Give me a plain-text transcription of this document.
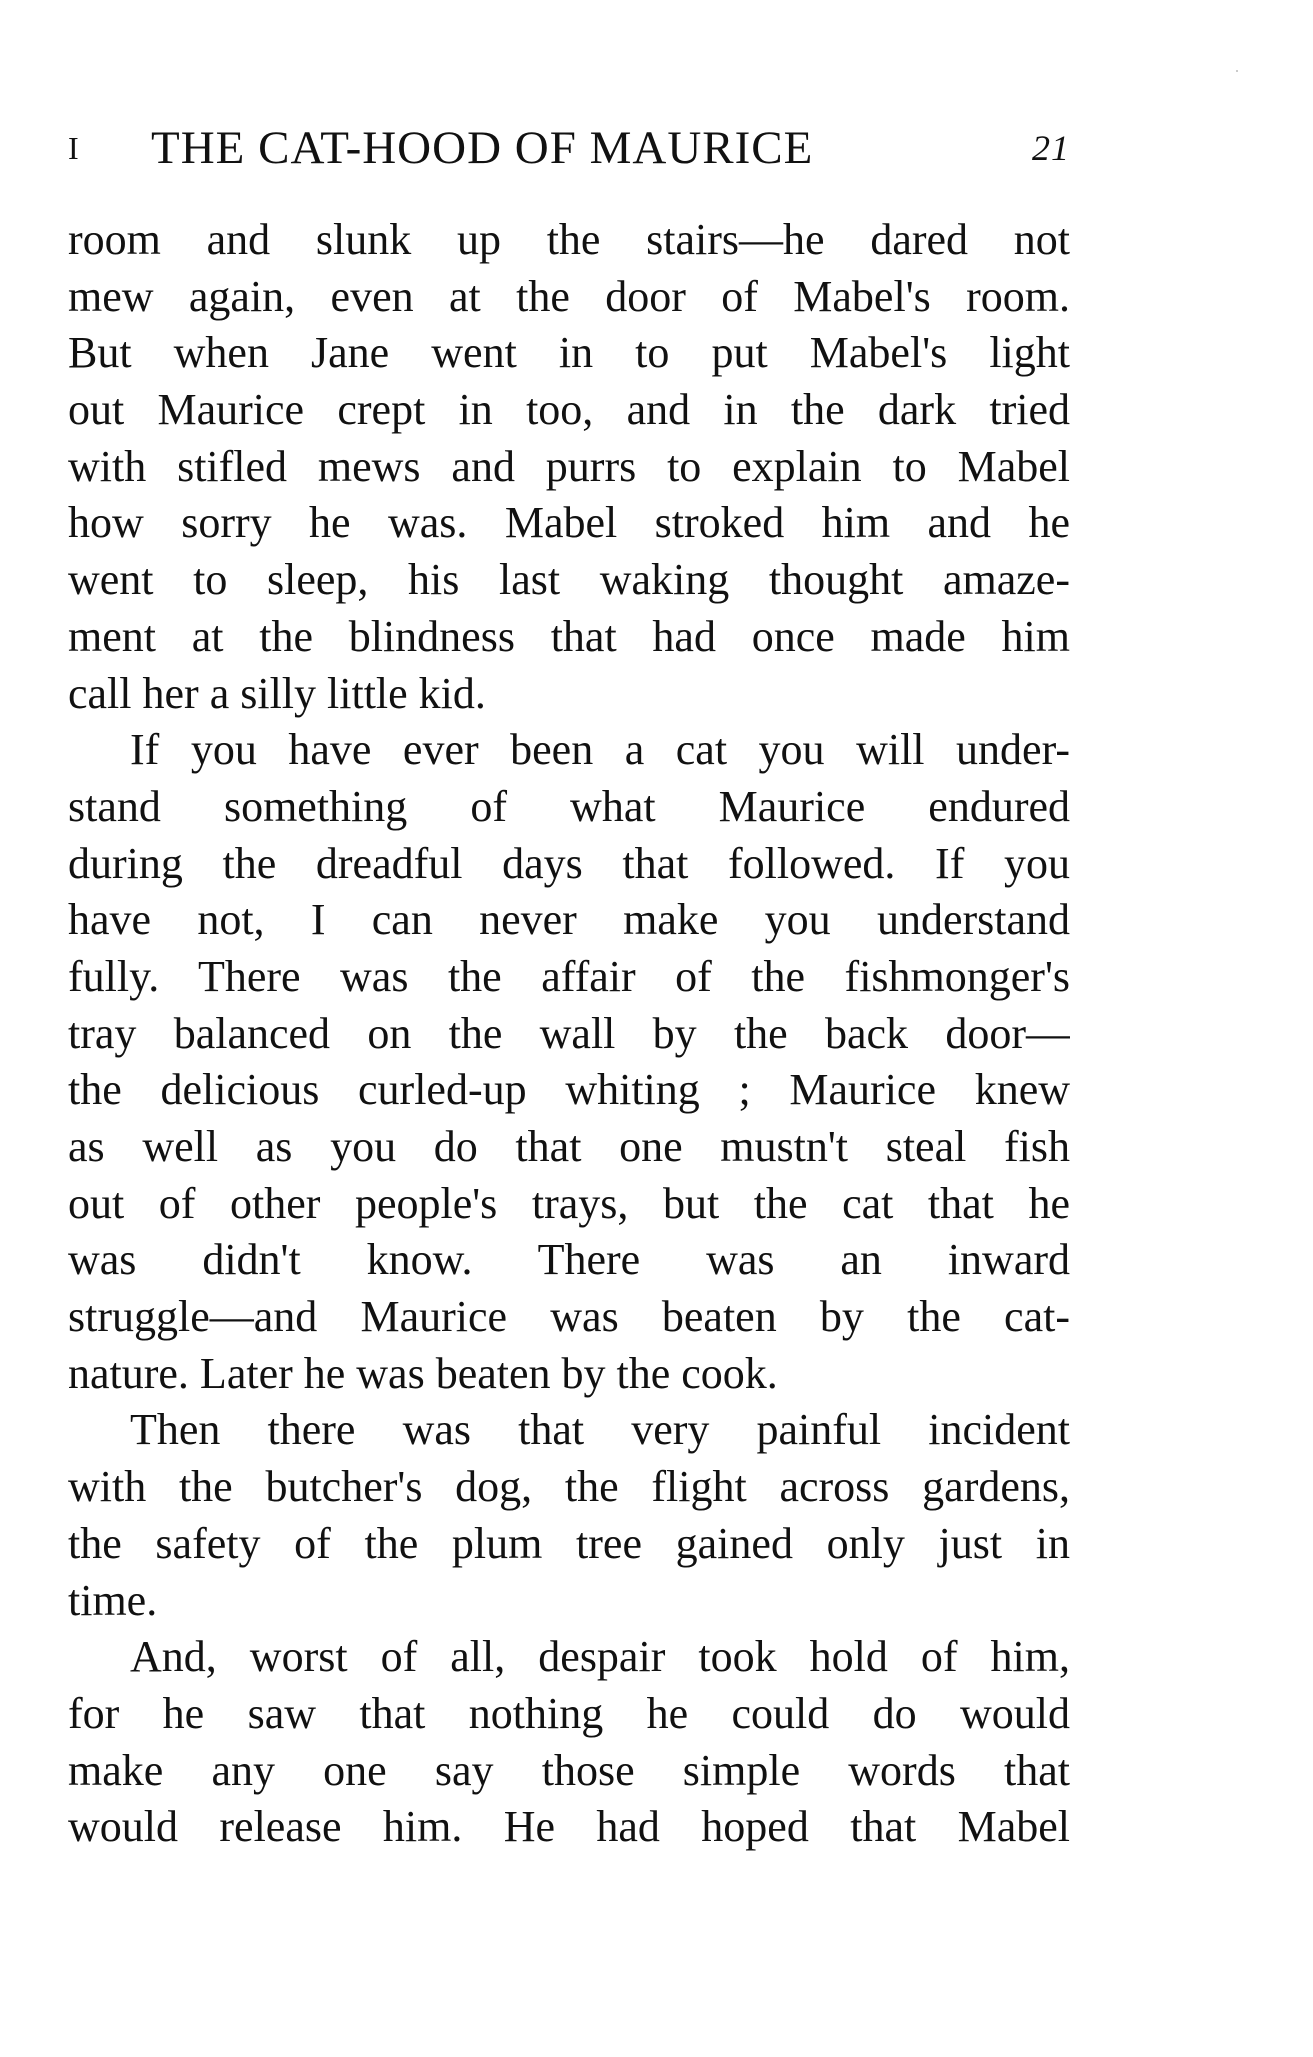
I THE CAT-HOOD OF MAURICE	21
room and slunk up the stairs—he dared not
mew again, even at the door of Mabel's room.
But when Jane went in to put Mabel's light
out Maurice crept in too, and in the dark tried
with stifled mews and purrs to explain to Mabel
how sorry he was. Mabel stroked him and he
went to sleep, his last waking thought amaze-
ment at the blindness that had once made him
call her a silly little kid.
If you have ever been a cat you will under-
stand something of what Maurice endured
during the dreadful days that followed. If you
have not, I can never make you understand
fully. There was the affair of the fishmonger's
tray balanced on the wall by the back door—
the delicious curled-up whiting ; Maurice knew
as well as you do that one mustn't steal fish
out of other people's trays, but the cat that he
was didn't know. There was an inward
struggle—and Maurice was beaten by the cat-
nature. Later he was beaten by the cook.
Then there was that very painful incident
with the butcher's dog, the flight across gardens,
the safety of the plum tree gained only just in
time.
And, worst of all, despair took hold of him,
for he saw that nothing he could do would
make any one say those simple words that
would release him. He had hoped that Mabel
